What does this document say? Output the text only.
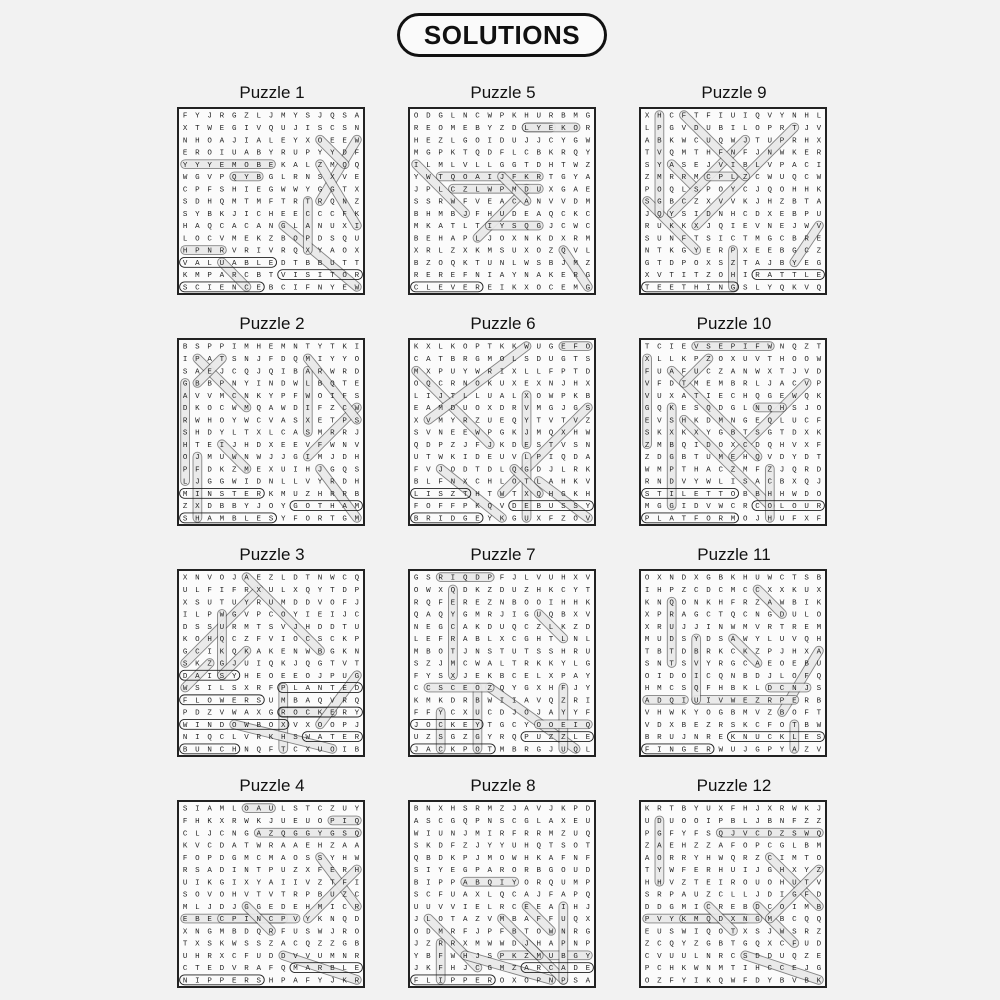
SOLUTIONS
Puzzle 1
F Y J R G Z L J M Y S J Q S A
X T W E G I V Q U J I S C S N
N H O A J I A L E Y X O E E W
E R O I U A B Y R U P Y Y D F
Y Y Y E M O B E K A L Z M Q Q
W G V P Q Y B G L R N S X V E
C P F S H I E G W W Y G G T X
S D H Q M T M F T R T R Q N Z
S Y B K J I C H E E C C C F K
H A Q C A C A N G L A N U X I
L O C V M E K Z B O P D S Q U
H P N R V R I V R Q X Y A O X
V A L U A B L E D T B B U T T
K M P A R C B T V I S I T O R
S C I E N C E B C I F N Y E W
Puzzle 5
O D G L N C W P K H U R B M G
R E O M E B Y Z D L Y E K O R
H E Z L G O I D U J J C Y G W
M G P K T Q D F L C B K R Q Y
I L M L V L L G G T D H T W Z
Y W T Q O A I J F K R T G Y A
J P L C Z L W P M D U X G A E
S S R W F V E A C A N V V D M
B H M B J F H U D E A Q C K C
M K A T L T I Y S Q G J C W C
B E H A P L J O X N K D X R M
X R L Z X K M S U X O Z Q V L
B Z O Q K T U N L W S B J M Z
R E R E F N I A Y N A K E R G
C L E V E R E I K X O C E M G
Puzzle 9
X H C F T F I U I Q V Y N H L
L P G V D U B I L O P R T J V
A B K W C U Q W J T U P R H X
T V Q M T H F N F J N W K E R
S Y A S E J V I B L V P A C I
Z M R R M C P L Z C W U Q C W
P O Q L S P O Y C J Q O H H K
S G B C Z X V V K J H Z B T A
J Q Y S I D N H C D X E B P U
R U K K X J Q I E V N E J W V
S U N F T S I C T M G C B R E
N T K G Y E R P X E E B G C Z
G T D P O X S Z T A J B Y E G
X V T I T Z O H I R A T T L E
T E E T H I N G S L Y Q K V Q
Puzzle 2
B S P P I M H E M N T Y T K I
I P A T S N J F D Q M I Y Y O
S A E J C Q J Q I B A R W R D
G B B P N Y I N D W L B Q T E
A V V M C N K Y P F W O I F S
D K O C W M Q A W D I F Z C W
R W H O Y W C V A S X E T P S
S H D Y L T X L C A S M R R J
H T E I J H D X E E V F W N V
O J M U W N W J J G I M J D H
P F D K Z M E X U I H J G Q S
L J G G W I D N L L V Y R D H
M I N S T E R K M U Z H R R B
Z X D B B Y J O Y G O T H A M
S H A M B L E S Y F O R T G M
Puzzle 6
K X L K O P T K K W U G E F O
C A T B R G M O L S D U G T S
M X P U Y W R I X L L F P T D
O Q C R N O K U X E X N J H X
L I J T L L U A L X O W P K B
E A M D U O X D R V M G J G S
X V M Y R Z U E Q Y T V T V Z
S V N E E W P G K J M Q X H W
Q D P Z J F J K D E S T V S N
U T W K I D E U V L P I Q D A
F V J O D T D L Q G D J L R K
B L F N X C H L O T L A H K V
L I S Z T H T W T X Q H G K H
F O F F P K Q V D E B U S S Y
B R I D G E Y K G U X F Z O V
Puzzle 10
T C I E V S E P I F W N Q Z T
X L L K P Z O X U V T H O O W
F U A F U C Z A N W X T J V D
V F D T M E M B R L J A C V P
V U X A T I E C H Q G E W Q K
G Q K E S Q D G L N Q H S J O
E V S H K D M N G E Q L U C F
S K X K X Y G B T S G T D X K
Z M B Q I D O X C D Q H V X F
Z D G B T U M E H Q V D Y D T
W M P T H A C Z M F Z J Q R D
R N D V Y W L I S A C B X Q J
S T I L E T T O B B H H W D O
M G G I D V W C R C O L O U R
P L A T F O R M O J H U F X F
Puzzle 3
X N V O J A E Z L D T N W C Q
U L F I F R X U L X Q Y T D P
X S U T U Y R U M D D V O F J
I L P W G V P C O Y I E I J C
D S S U R M T S V J H D D T U
K O H Q C Z F V I O C S C K P
G C I K Q K A K E N W B G K N
S K Z G J U I Q K J Q G T V T
D A I S Y H E O E E O J P U G
W S I L S X R F P L A N T E D
F L O W E R S U M B A Q V R Q
P D Z V W A X G R O C K E R Y
W I N D O W B O X V X O O P J
N I Q C L V R K H S W A T E R
B U N C H N Q F T C X U O I B
Puzzle 7
G S R I Q D P F J L V U H X V
O W X Q D K Z D U Z H K C Y T
R Q F E R E Z N B O O I H H K
Q A Q Y G M R J I G U Q B X V
N E G C A K D U Q C Z L K Z D
L E F R A B L X C G H T L N L
M B O T J N S T U T S S H R U
S Z J M C W A L T R K K Y L G
F Y S X J E K B C E L X P A Y
C C S C E O Z Q Y G X H F J Y
K M K D R B W I I A V Q Z R I
F F Y C X U C D J O J A Y Y F
J O C K E Y T G C Y O O E I Q
U Z S G Z G Y R Q P U Z Z L E
J A C K P O T M B R G J U Q L
Puzzle 11
O X N D X G B K H U W C T S B
I H P Z C D C M C C X X K U X
K N Q O N K H F R Z A W B I K
X P R A G C T Q C N G D U L O
X R U J J I N W M V R T R E M
M U D S Y D S A W Y L U V Q H
T B T D B R K C K Z P J H X A
S N T S V Y R G C A E O E B U
O I D O I C Q N B D J L O F Q
H M C S Q F H B K L D C N J S
A D Q I U I V W E Z R P E R B
V H W K Y O G B M V Z B O F T
V D X B E Z R S K C F O T B W
B R U J N R E K N U C K L E S
F I N G E R W U J G P Y A Z V
Puzzle 4
S I A M L O A U L S T C Z U Y
F H K X R W K J U E U O P I Q
C L J C N G A Z Q G G Y G S Q
K V C D A T W R A A E H Z A A
F O P D G M C M A O S S Y H W
R S A D I N T P U Z X F E R H
U I K G I X Y A I I V Z T F I
S O V O H V T V T R P B U Z C
M L J D J G G E D E H M I C R
E B E C P I N C P V Y K N Q D
X N G M B D Q R F U S W J R O
T X S K W S S Z A C Q Z Z G B
U H R X C F U D D V V U M N R
C T E D V R A F Q M A R B L E
N I P P E R S H P A F Y J K R
Puzzle 8
B N X H S R M Z J A V J K P D
A S C G Q P N S C G L A X E U
W I U N J M I R F R R M Z U Q
S K D F Z J Y Y U H Q T S O T
Q B D K P J M O W H K A F N F
S I Y E G P A R O R B G O U D
B I P P A B Q I Y O R Q U M P
S C F U A X L Q C A J F A P Q
U U V V I E L R C E E A I H J
J L O T A Z V M B A F F U Q X
O D M R F J P F B T O W N R G
J Z R R X M W W D J H A P N P
Y B F W H J S P K Z M U B G Y
J K F H J C G M Z A R C A D E
F L I P P E R O X O P N P S A
Puzzle 12
K R T B Y U X F H J X R W K J
U D U O O I P B L J B N F Z Z
P G F Y F S Q J V C D Z S W Q
Z A E H Z Z A F O P C G L B M
A O R R Y H W Q R Z C I M T O
T Y W F E R H U I J G H X Y Z
H H V Z T E I R O U O H U T V
S R P A U Z C L L J D I G F D
D D G M I C R E B D C O I M B
P V Y K M Q D X N G M B C Q Q
E U S W I Q O T X S J W S R Z
Z C Q Y Z G B T G Q X C F U D
C V U U L N R C S D D U Q Z E
P C H K W N M T I H C C E J G
O Z F Y I K Q W F D Y B V B K
